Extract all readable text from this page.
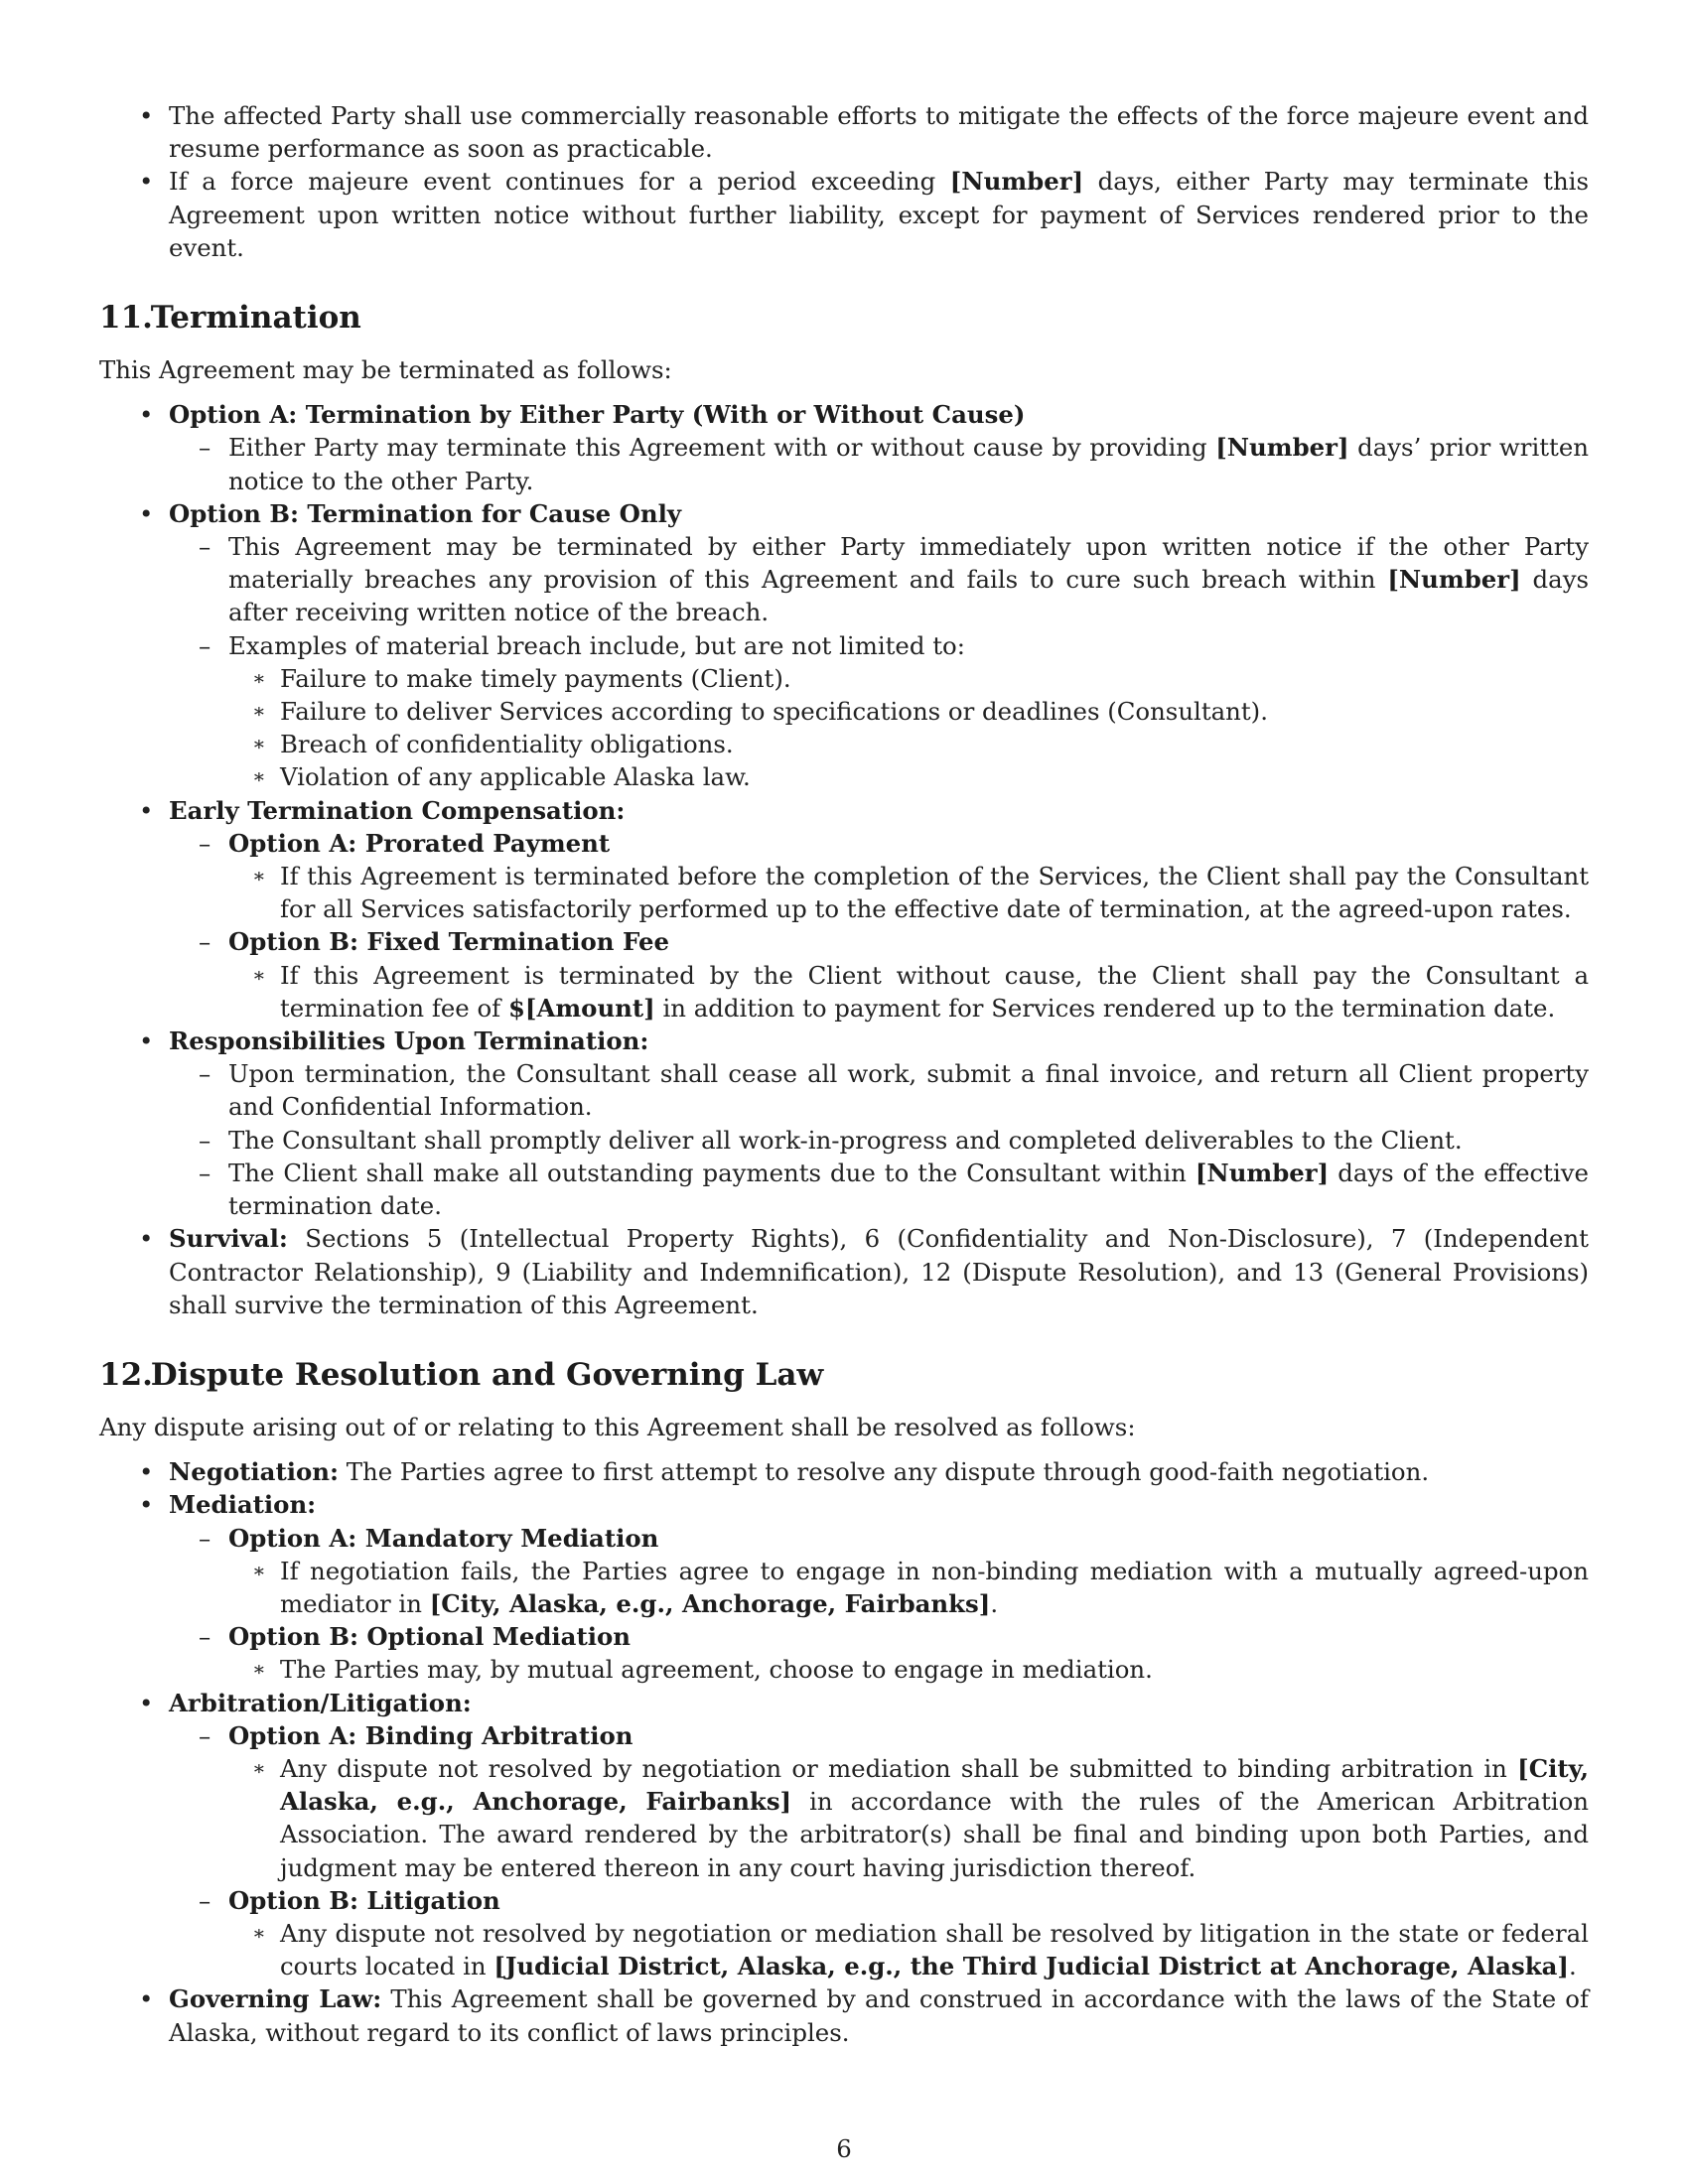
• The affected Party shall use commercially reasonable efforts to mitigate the effects of the force majeure event and resume performance as soon as practicable.
• If a force majeure event continues for a period exceeding [Number] days, either Party may terminate this Agreement upon written notice without further liability, except for payment of Services rendered prior to the event.
11.Termination

This Agreement may be terminated as follows:

• Option A: Termination by Either Party (With or Without Cause)
– Either Party may terminate this Agreement with or without cause by providing [Number] days’ prior written notice to the other Party.
• Option B: Termination for Cause Only
– This Agreement may be terminated by either Party immediately upon written notice if the other Party materially breaches any provision of this Agreement and fails to cure such breach within [Number] days after receiving written notice of the breach.
– Examples of material breach include, but are not limited to:
∗ Failure to make timely payments (Client).
∗ Failure to deliver Services according to specifications or deadlines (Consultant).
∗ Breach of confidentiality obligations.
∗ Violation of any applicable Alaska law.
• Early Termination Compensation:
– Option A: Prorated Payment
∗ If this Agreement is terminated before the completion of the Services, the Client shall pay the Consultant for all Services satisfactorily performed up to the effective date of termination, at the agreed-upon rates.
– Option B: Fixed Termination Fee
∗ If this Agreement is terminated by the Client without cause, the Client shall pay the Consultant a termination fee of $[Amount] in addition to payment for Services rendered up to the termination date.
• Responsibilities Upon Termination:
– Upon termination, the Consultant shall cease all work, submit a final invoice, and return all Client property and Confidential Information.
– The Consultant shall promptly deliver all work-in-progress and completed deliverables to the Client.
– The Client shall make all outstanding payments due to the Consultant within [Number] days of the effective termination date.
• Survival: Sections 5 (Intellectual Property Rights), 6 (Confidentiality and Non-Disclosure), 7 (Independent Contractor Relationship), 9 (Liability and Indemnification), 12 (Dispute Resolution), and 13 (General Provisions) shall survive the termination of this Agreement.
12.Dispute Resolution and Governing Law

Any dispute arising out of or relating to this Agreement shall be resolved as follows:

• Negotiation: The Parties agree to first attempt to resolve any dispute through good-faith negotiation.
• Mediation:
– Option A: Mandatory Mediation
∗ If negotiation fails, the Parties agree to engage in non-binding mediation with a mutually agreed-upon mediator in [City, Alaska, e.g., Anchorage, Fairbanks].
– Option B: Optional Mediation
∗ The Parties may, by mutual agreement, choose to engage in mediation.
• Arbitration/Litigation:
– Option A: Binding Arbitration
∗ Any dispute not resolved by negotiation or mediation shall be submitted to binding arbitration in [City, Alaska, e.g., Anchorage, Fairbanks] in accordance with the rules of the American Arbitration Association. The award rendered by the arbitrator(s) shall be final and binding upon both Parties, and judgment may be entered thereon in any court having jurisdiction thereof.
– Option B: Litigation
∗ Any dispute not resolved by negotiation or mediation shall be resolved by litigation in the state or federal courts located in [Judicial District, Alaska, e.g., the Third Judicial District at Anchorage, Alaska].
• Governing Law: This Agreement shall be governed by and construed in accordance with the laws of the State of Alaska, without regard to its conflict of laws principles.
6
